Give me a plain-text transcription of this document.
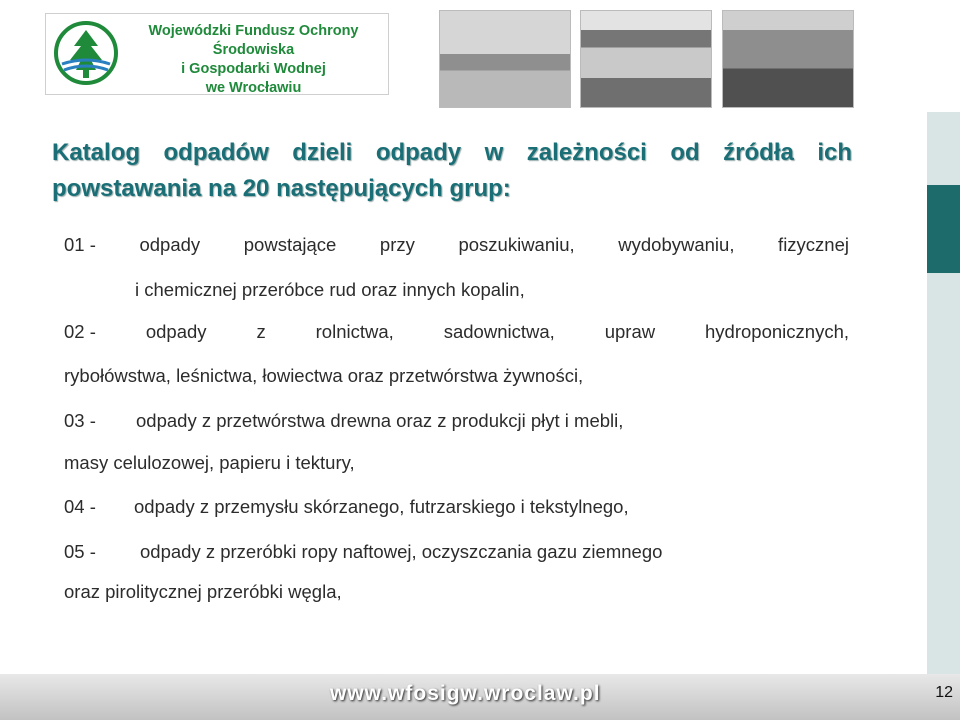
Wojewódzki Fundusz Ochrony Środowiska
i Gospodarki Wodnej
we Wrocławiu
Katalog odpadów dzieli odpady w zależności od źródła ich
powstawania na 20 następujących grup:
01 - odpady powstające przy poszukiwaniu, wydobywaniu, fizycznej
i chemicznej przeróbce rud oraz innych kopalin,
02 -	odpady z rolnictwa, sadownictwa, upraw hydroponicznych,
rybołówstwa, leśnictwa, łowiectwa oraz przetwórstwa żywności,
03 - odpady z przetwórstwa drewna oraz z produkcji płyt i mebli,
masy celulozowej, papieru i tektury,
04 - odpady z przemysłu skórzanego, futrzarskiego i tekstylnego,
05 - odpady z przeróbki ropy naftowej, oczyszczania gazu ziemnego
oraz pirolitycznej przeróbki węgla,
www.wfosigw.wroclaw.pl	12
